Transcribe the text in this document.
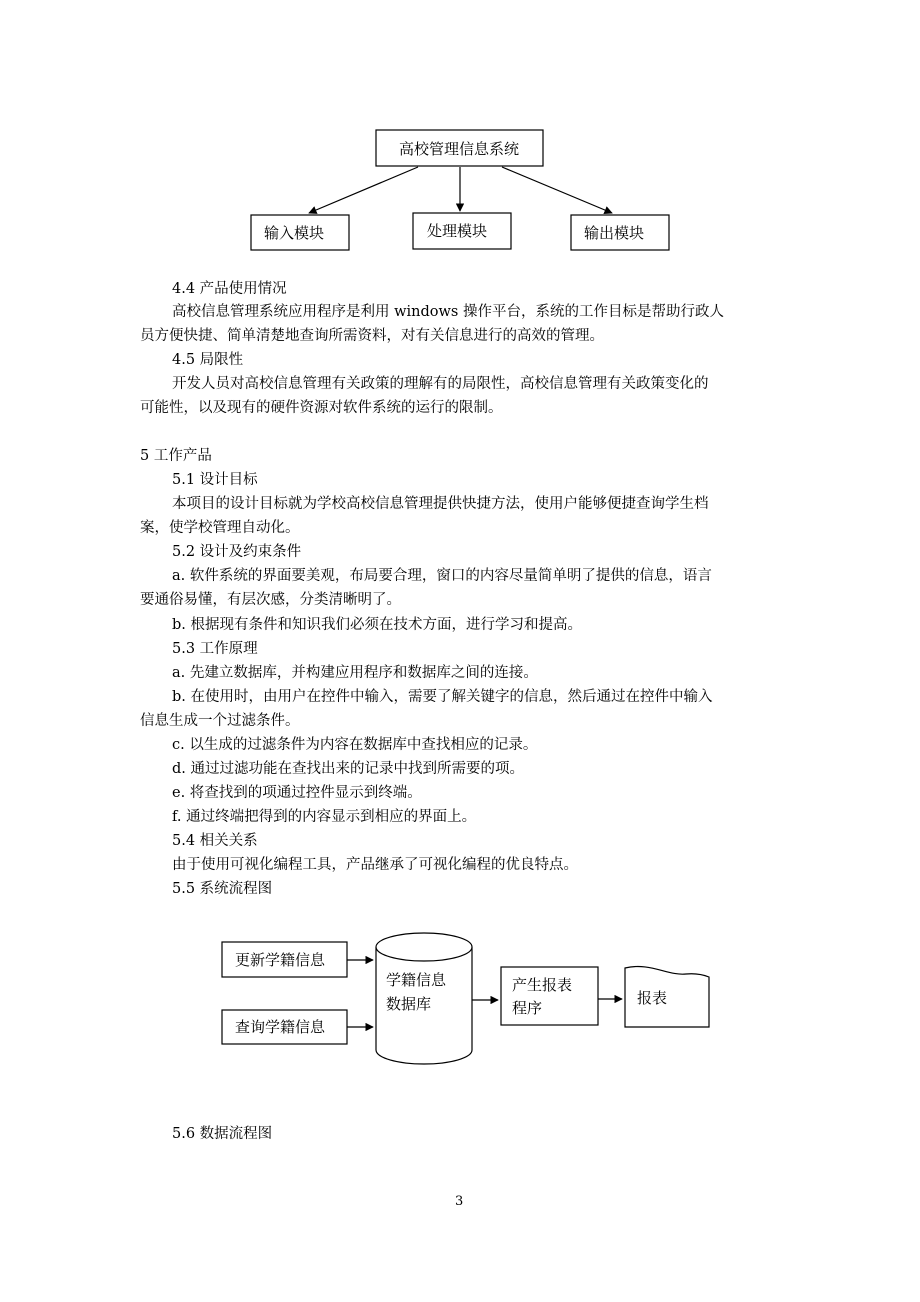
高校管理信息系统
输入模块	处理模块	输出模块
更新学籍信息
查询学籍信息
学籍信息
数据库
产生报表
程序
报表
4.4 产品使用情况
高校信息管理系统应用程序是利用 windows 操作平台，系统的工作目标是帮助行政人
员方便快捷、简单清楚地查询所需资料，对有关信息进行的高效的管理。
4.5 局限性
开发人员对高校信息管理有关政策的理解有的局限性，高校信息管理有关政策变化的
可能性，以及现有的硬件资源对软件系统的运行的限制。
5 工作产品
5.1 设计目标
本项目的设计目标就为学校高校信息管理提供快捷方法，使用户能够便捷查询学生档
案，使学校管理自动化。
5.2 设计及约束条件
a. 软件系统的界面要美观，布局要合理，窗口的内容尽量简单明了提供的信息，语言
要通俗易懂，有层次感，分类清晰明了。
b. 根据现有条件和知识我们必须在技术方面，进行学习和提高。
5.3 工作原理
a. 先建立数据库，并构建应用程序和数据库之间的连接。
b. 在使用时，由用户在控件中输入，需要了解关键字的信息，然后通过在控件中输入
信息生成一个过滤条件。
c. 以生成的过滤条件为内容在数据库中查找相应的记录。
d. 通过过滤功能在查找出来的记录中找到所需要的项。
e. 将查找到的项通过控件显示到终端。
f. 通过终端把得到的内容显示到相应的界面上。
5.4 相关关系
由于使用可视化编程工具，产品继承了可视化编程的优良特点。
5.5 系统流程图
5.6 数据流程图
3
